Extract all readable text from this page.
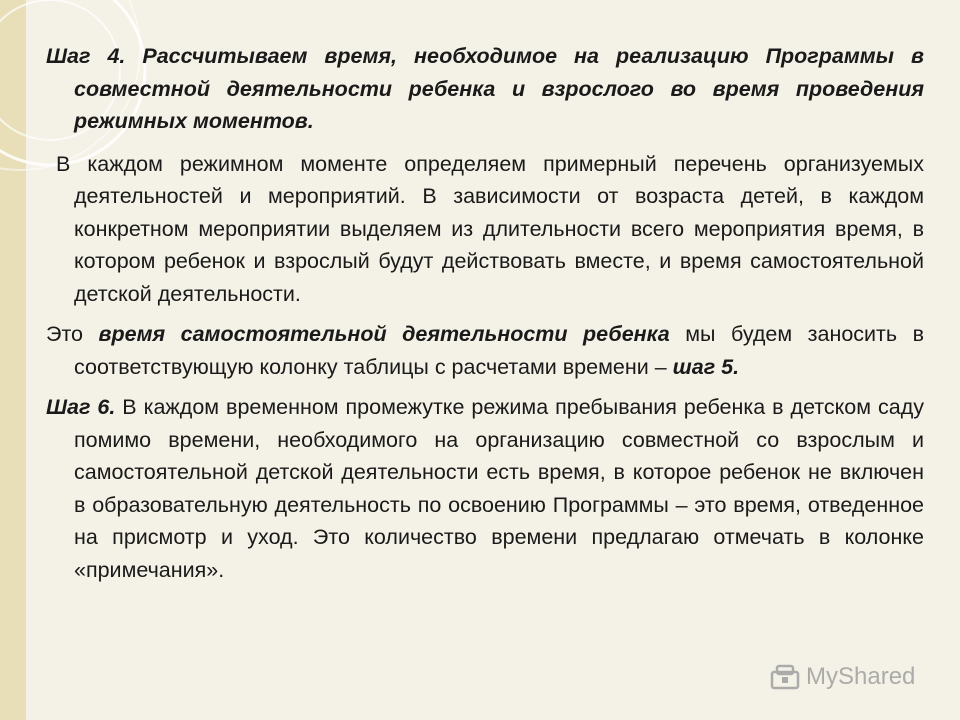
Шаг 4. Рассчитываем время, необходимое на реализацию Программы в совместной деятельности ребенка и взрослого во время проведения режимных моментов.

В каждом режимном моменте определяем примерный перечень организуемых деятельностей и мероприятий. В зависимости от возраста детей, в каждом конкретном мероприятии выделяем из длительности всего мероприятия время, в котором ребенок и взрослый будут действовать вместе, и время самостоятельной детской деятельности.

Это время самостоятельной деятельности ребенка мы будем заносить в соответствующую колонку таблицы с расчетами времени – шаг 5.

Шаг 6. В каждом временном промежутке режима пребывания ребенка в детском саду помимо времени, необходимого на организацию совместной со взрослым и самостоятельной детской деятельности есть время, в которое ребенок не включен в образовательную деятельность по освоению Программы – это время, отведенное на присмотр и уход. Это количество времени предлагаю отмечать в колонке «примечания».

MyShared
